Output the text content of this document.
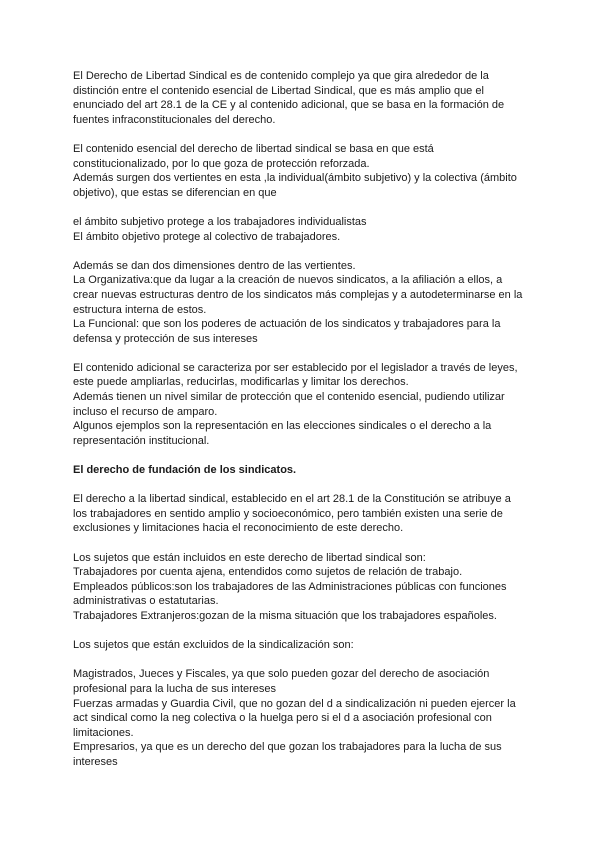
El Derecho de Libertad Sindical es de contenido complejo ya que gira alrededor de la
distinción entre el contenido esencial de Libertad Sindical, que es más amplio que el
enunciado del art 28.1 de la CE y al contenido adicional, que se basa en la formación de
fuentes infraconstitucionales del derecho.
El contenido esencial del derecho de libertad sindical se basa en que está
constitucionalizado, por lo que goza de protección reforzada.
Además surgen dos vertientes en esta ,la individual(ámbito subjetivo) y la colectiva (ámbito
objetivo), que estas se diferencian en que
el ámbito subjetivo protege a los trabajadores individualistas
El ámbito objetivo protege al colectivo de trabajadores.
Además se dan dos dimensiones dentro de las vertientes.
La Organizativa:que da lugar a la creación de nuevos sindicatos, a la afiliación a ellos, a
crear nuevas estructuras dentro de los sindicatos más complejas y a autodeterminarse en la
estructura interna de estos.
La Funcional: que son los poderes de actuación de los sindicatos y trabajadores para la
defensa y protección de sus intereses
El contenido adicional se caracteriza por ser establecido por el legislador a través de leyes,
este puede ampliarlas, reducirlas, modificarlas y limitar los derechos.
Además tienen un nivel similar de protección que el contenido esencial, pudiendo utilizar
incluso el recurso de amparo.
Algunos ejemplos son la representación en las elecciones sindicales o el derecho a la
representación institucional.
El derecho de fundación de los sindicatos.
El derecho a la libertad sindical, establecido en el art 28.1 de la Constitución se atribuye a
los trabajadores en sentido amplio y socioeconómico, pero también existen una serie de
exclusiones y limitaciones hacia el reconocimiento de este derecho.
Los sujetos que están incluidos en este derecho de libertad sindical son:
Trabajadores por cuenta ajena, entendidos como sujetos de relación de trabajo.
Empleados públicos:son los trabajadores de las Administraciones públicas con funciones
administrativas o estatutarias.
Trabajadores Extranjeros:gozan de la misma situación que los trabajadores españoles.
Los sujetos que están excluidos de la sindicalización son:
Magistrados, Jueces y Fiscales, ya que solo pueden gozar del derecho de asociación
profesional para la lucha de sus intereses
Fuerzas armadas y Guardia Civil, que no gozan del d a sindicalización ni pueden ejercer la
act sindical como la neg colectiva o la huelga pero si el d a asociación profesional con
limitaciones.
Empresarios, ya que es un derecho del que gozan los trabajadores para la lucha de sus
intereses
